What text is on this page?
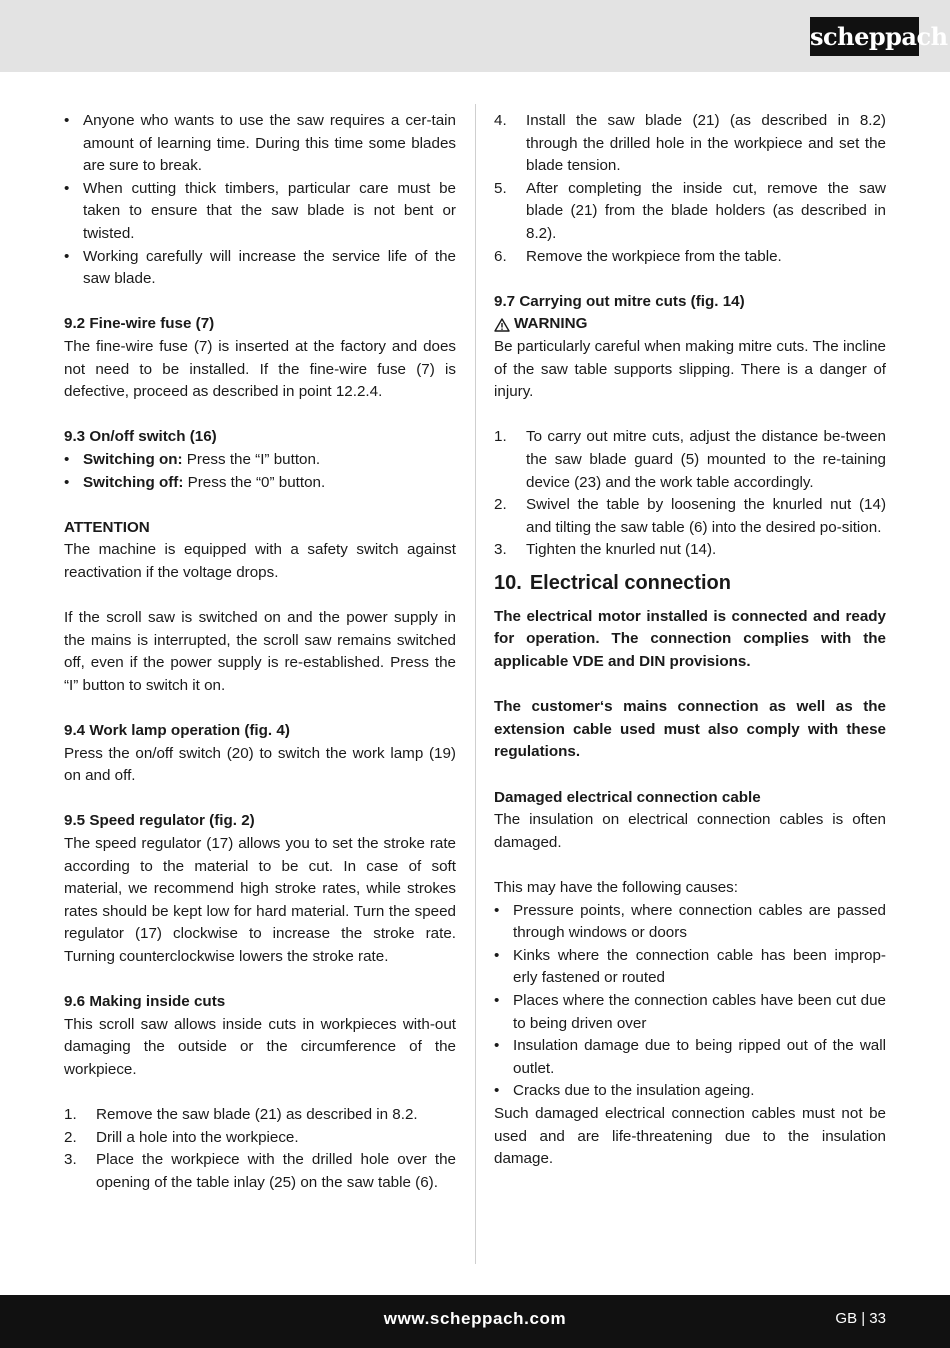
scheppach
• Anyone who wants to use the saw requires a cer-tain amount of learning time. During this time some blades are sure to break.
• When cutting thick timbers, particular care must be taken to ensure that the saw blade is not bent or twisted.
• Working carefully will increase the service life of the saw blade.

9.2 Fine-wire fuse (7)

The fine-wire fuse (7) is inserted at the factory and does not need to be installed. If the fine-wire fuse (7) is defective, proceed as described in point 12.2.4.

9.3 On/off switch (16)

• Switching on: Press the “I” button.
• Switching off: Press the “0” button.

ATTENTION

The machine is equipped with a safety switch against reactivation if the voltage drops.

If the scroll saw is switched on and the power supply in the mains is interrupted, the scroll saw remains switched off, even if the power supply is re-established. Press the “I” button to switch it on.

9.4 Work lamp operation (fig. 4)

Press the on/off switch (20) to switch the work lamp (19) on and off.

9.5 Speed regulator (fig. 2)

The speed regulator (17) allows you to set the stroke rate according to the material to be cut. In case of soft material, we recommend high stroke rates, while strokes rates should be kept low for hard material. Turn the speed regulator (17) clockwise to increase the stroke rate. Turning counterclockwise lowers the stroke rate.

9.6 Making inside cuts

This scroll saw allows inside cuts in workpieces with-out damaging the outside or the circumference of the workpiece.

1. Remove the saw blade (21) as described in 8.2.
2. Drill a hole into the workpiece.
3. Place the workpiece with the drilled hole over the opening of the table inlay (25) on the saw table (6).
4. Install the saw blade (21) (as described in 8.2) through the drilled hole in the workpiece and set the blade tension.
5. After completing the inside cut, remove the saw blade (21) from the blade holders (as described in 8.2).
6. Remove the workpiece from the table.

9.7 Carrying out mitre cuts (fig. 14)

WARNING

Be particularly careful when making mitre cuts. The incline of the saw table supports slipping. There is a danger of injury.

1. To carry out mitre cuts, adjust the distance be-tween the saw blade guard (5) mounted to the re-taining device (23) and the work table accordingly.
2. Swivel the table by loosening the knurled nut (14) and tilting the saw table (6) into the desired po-sition.
3. Tighten the knurled nut (14).
10. Electrical connection

The electrical motor installed is connected and ready for operation. The connection complies with the applicable VDE and DIN provisions.

The customer‘s mains connection as well as the extension cable used must also comply with these regulations.

Damaged electrical connection cable

The insulation on electrical connection cables is often damaged.

This may have the following causes:

• Pressure points, where connection cables are passed through windows or doors
• Kinks where the connection cable has been improp-erly fastened or routed
• Places where the connection cables have been cut due to being driven over
• Insulation damage due to being ripped out of the wall outlet.
• Cracks due to the insulation ageing.

Such damaged electrical connection cables must not be used and are life-threatening due to the insulation damage.

www.scheppach.com	GB | 33
